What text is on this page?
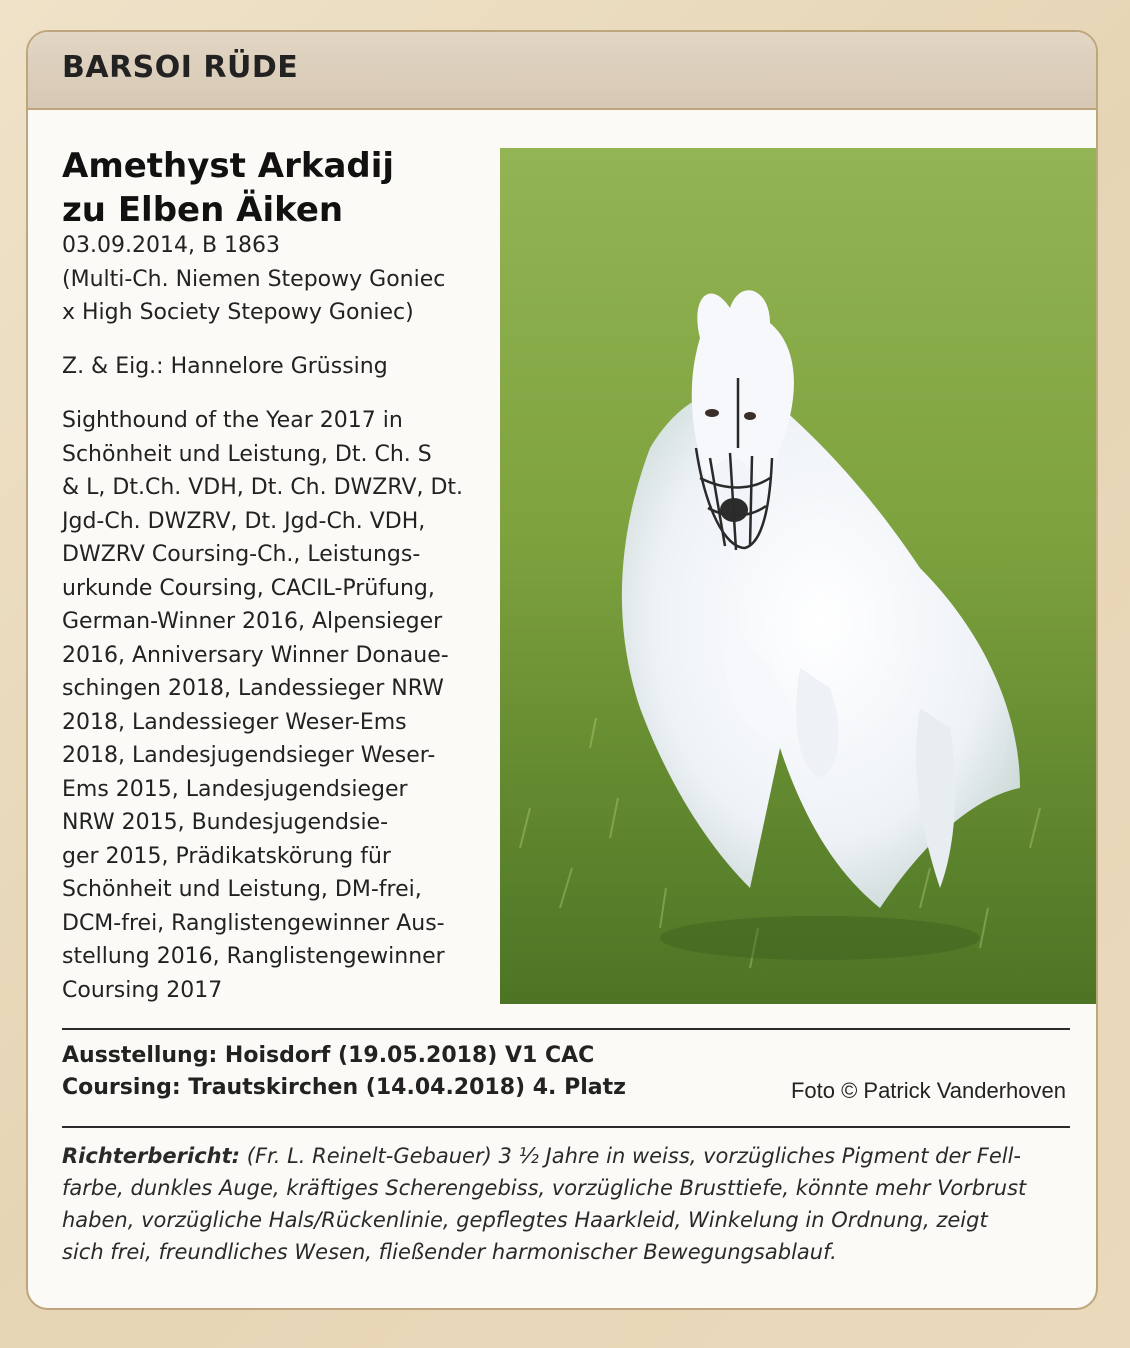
BARSOI RÜDE
Amethyst Arkadij
zu Elben Äiken
03.09.2014, B 1863
(Multi-Ch. Niemen Stepowy Goniec
x High Society Stepowy Goniec)
Z. & Eig.: Hannelore Grüssing
Sighthound of the Year 2017 in
Schönheit und Leistung, Dt. Ch. S
& L, Dt.Ch. VDH, Dt. Ch. DWZRV, Dt.
Jgd-Ch. DWZRV, Dt. Jgd-Ch. VDH,
DWZRV Coursing-Ch., Leistungs-
urkunde Coursing, CACIL-Prüfung,
German-Winner 2016, Alpensieger
2016, Anniversary Winner Donaue-
schingen 2018, Landessieger NRW
2018, Landessieger Weser-Ems
2018, Landesjugendsieger Weser-
Ems 2015, Landesjugendsieger
NRW 2015, Bundesjugendsie-
ger 2015, Prädikatskörung für
Schönheit und Leistung, DM-frei,
DCM-frei, Ranglistengewinner Aus-
stellung 2016, Ranglistengewinner
Coursing 2017
Ausstellung: Hoisdorf (19.05.2018) V1 CAC
Coursing: Trautskirchen (14.04.2018) 4. Platz	Foto © Patrick Vanderhoven
Richterbericht: (Fr. L. Reinelt-Gebauer) 3 ½ Jahre in weiss, vorzügliches Pigment der Fell-
farbe, dunkles Auge, kräftiges Scherengebiss, vorzügliche Brusttiefe, könnte mehr Vorbrust
haben, vorzügliche Hals/Rückenlinie, gepflegtes Haarkleid, Winkelung in Ordnung, zeigt
sich frei, freundliches Wesen, fließender harmonischer Bewegungsablauf.
